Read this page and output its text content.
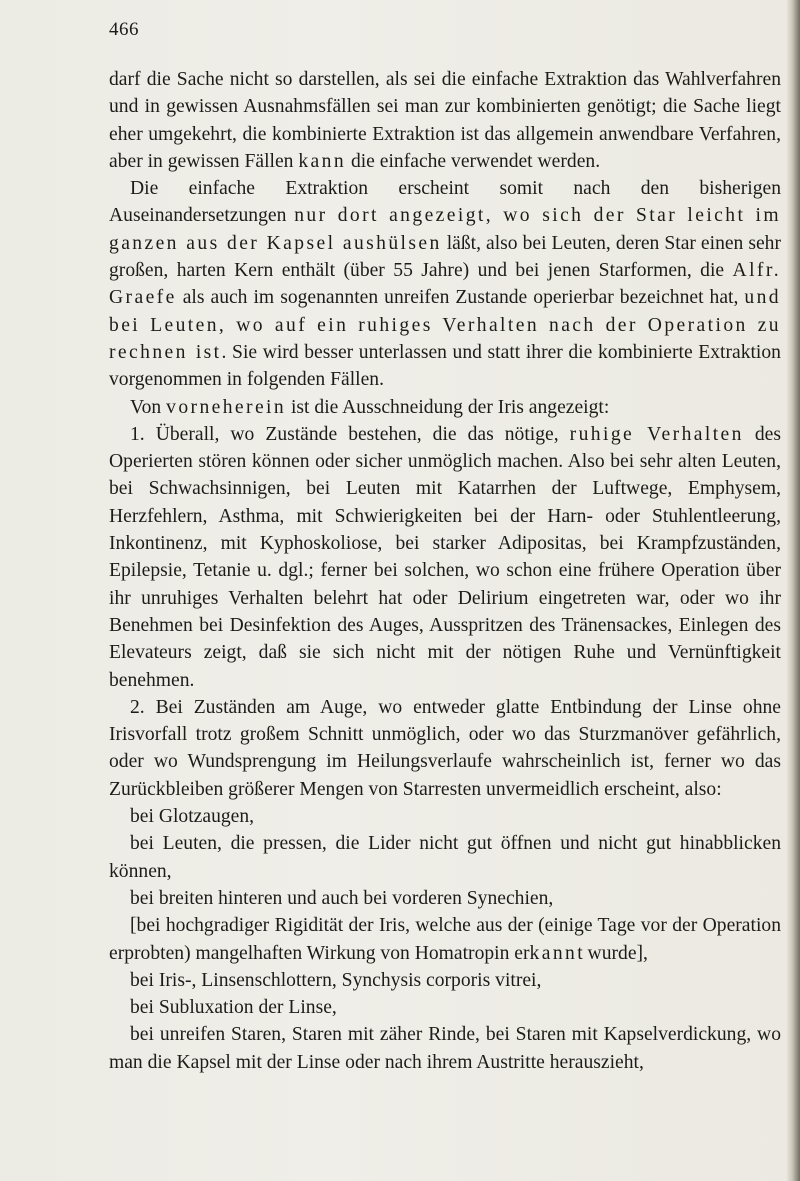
466

darf die Sache nicht so darstellen, als sei die einfache Extraktion das Wahlverfahren und in gewissen Ausnahmsfällen sei man zur kombinierten genötigt; die Sache liegt eher umgekehrt, die kombinierte Extraktion ist das allgemein anwendbare Verfahren, aber in gewissen Fällen kann die einfache verwendet werden.

Die einfache Extraktion erscheint somit nach den bisherigen Auseinandersetzungen nur dort angezeigt, wo sich der Star leicht im ganzen aus der Kapsel aushülsen läßt, also bei Leuten, deren Star einen sehr großen, harten Kern enthält (über 55 Jahre) und bei jenen Starformen, die Alfr. Graefe als auch im sogenannten unreifen Zustande operierbar bezeichnet hat, und bei Leuten, wo auf ein ruhiges Verhalten nach der Operation zu rechnen ist. Sie wird besser unterlassen und statt ihrer die kombinierte Extraktion vorgenommen in folgenden Fällen.

Von vorneherein ist die Ausschneidung der Iris angezeigt:

1. Überall, wo Zustände bestehen, die das nötige, ruhige Verhalten des Operierten stören können oder sicher unmöglich machen. Also bei sehr alten Leuten, bei Schwachsinnigen, bei Leuten mit Katarrhen der Luftwege, Emphysem, Herzfehlern, Asthma, mit Schwierigkeiten bei der Harn- oder Stuhlentleerung, Inkontinenz, mit Kyphoskoliose, bei starker Adipositas, bei Krampfzuständen, Epilepsie, Tetanie u. dgl.; ferner bei solchen, wo schon eine frühere Operation über ihr unruhiges Verhalten belehrt hat oder Delirium eingetreten war, oder wo ihr Benehmen bei Desinfektion des Auges, Ausspritzen des Tränensackes, Einlegen des Elevateurs zeigt, daß sie sich nicht mit der nötigen Ruhe und Vernünftigkeit benehmen.

2. Bei Zuständen am Auge, wo entweder glatte Entbindung der Linse ohne Irisvorfall trotz großem Schnitt unmöglich, oder wo das Sturzmanöver gefährlich, oder wo Wundsprengung im Heilungsverlaufe wahrscheinlich ist, ferner wo das Zurückbleiben größerer Mengen von Starresten unvermeidlich erscheint, also:

bei Glotzaugen,

bei Leuten, die pressen, die Lider nicht gut öffnen und nicht gut hinabblicken können,

bei breiten hinteren und auch bei vorderen Synechien,

[bei hochgradiger Rigidität der Iris, welche aus der (einige Tage vor der Operation erprobten) mangelhaften Wirkung von Homatropin erkannt wurde],

bei Iris-, Linsenschlottern, Synchysis corporis vitrei,

bei Subluxation der Linse,

bei unreifen Staren, Staren mit zäher Rinde, bei Staren mit Kapselverdickung, wo man die Kapsel mit der Linse oder nach ihrem Austritte herauszieht,
